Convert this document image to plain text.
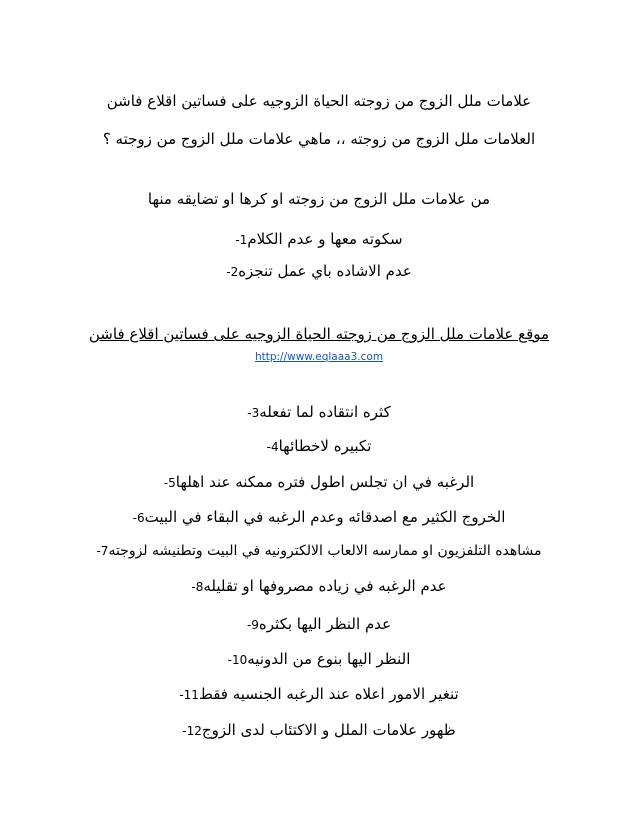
علامات ملل الزوج من زوجته الحياة الزوجيه على فساتين اقلاع فاشن
العلامات ملل الزوج من زوجته ،، ماهي علامات ملل الزوج من زوجته ؟
من علامات ملل الزوج من زوجته او كرها او تضايقه منها
سكوته معها و عدم الكلام1-
عدم الاشاده باي عمل تنجزه2-
موقع علامات ملل الزوج من زوجته الحياة الزوجيه على فساتين اقلاع فاشن
http://www.eqlaaa3.com
كثره انتقاده لما تفعله3-
تكبيره لاخطائها4-
الرغبه في ان تجلس اطول فتره ممكنه عند اهلها5-
الخروج الكثير مع اصدقائه وعدم الرغبه في البقاء في البيت6-
مشاهده التلفزيون او ممارسه الالعاب الالكترونيه في البيت وتطنيشه لزوجته7-
عدم الرغبه في زياده مصروفها او تقليله8-
عدم النظر اليها بكثره9-
النظر اليها بنوع من الدونيه10-
تنغير الامور اعلاه عند الرغبه الجنسيه فقط11-
ظهور علامات الملل و الاكتئاب لدى الزوج12-
